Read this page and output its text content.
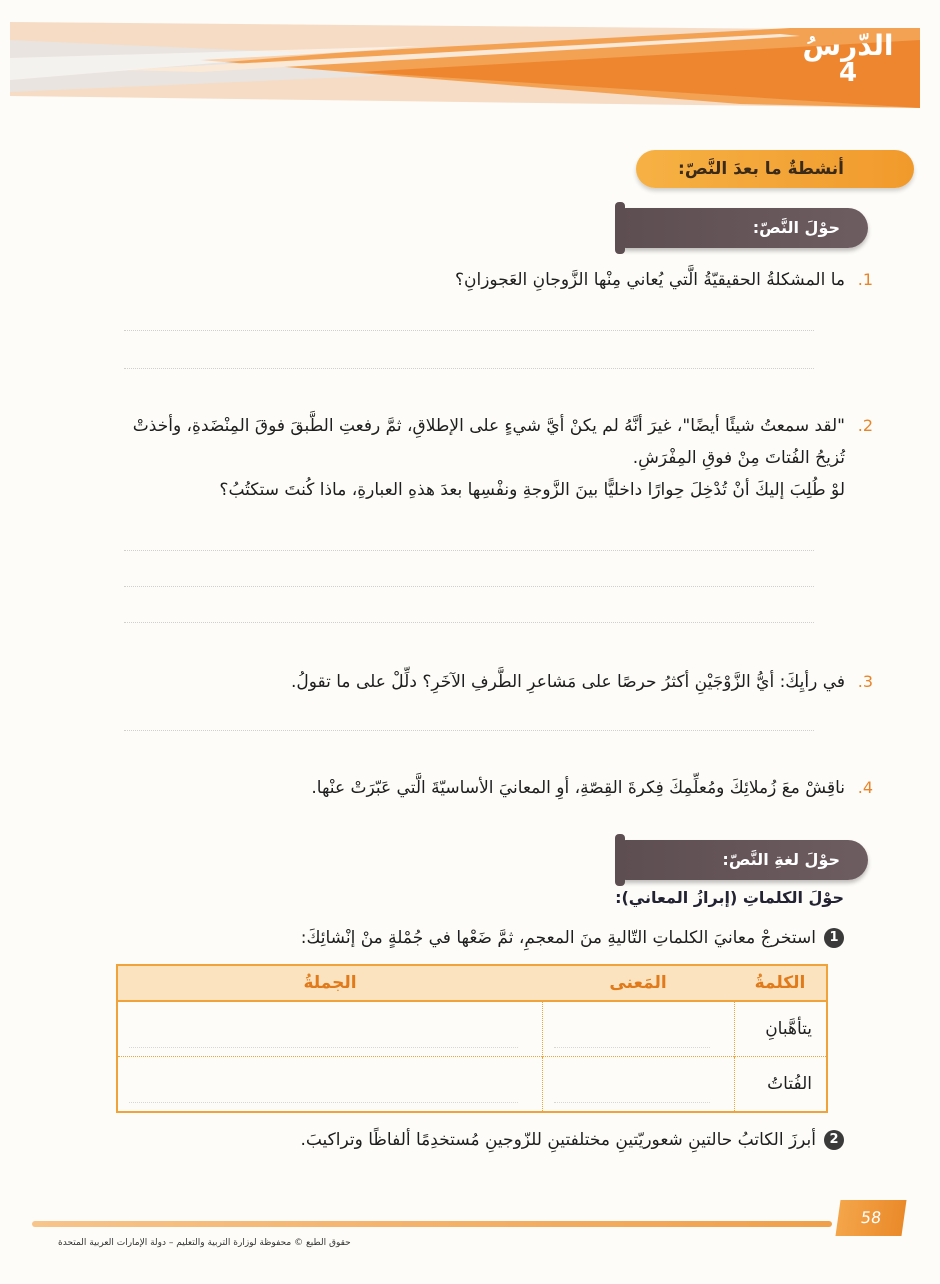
الدّرسُ
4
أنشطةٌ ما بعدَ النَّصّ:
حوْلَ النَّصّ:
1.
ما المشكلةُ الحقيقيّةُ الَّتي يُعاني مِنْها الزَّوجانِ العَجوزانِ؟
2.
"لقد سمعتُ شيئًا أيضًا"، غيرَ أنَّهُ لم يكنْ أيَّ شيءٍ على الإطلاقِ، ثمَّ رفعتِ الطَّبقَ فوقَ المِنْضَدةِ، وأخذتْ
تُزيحُ الفُتاتَ مِنْ فوقِ المِفْرَشِ.
لوْ طُلِبَ إليكَ أنْ تُدْخِلَ حِوارًا داخليًّا بينَ الزَّوجةِ ونفْسِها بعدَ هذهِ العبارةِ، ماذا كُنتَ ستكتُبُ؟
3.
في رأيِكَ: أيُّ الزَّوْجَيْنِ أكثرُ حرصًا على مَشاعرِ الطَّرفِ الآخَرِ؟ دلِّلْ على ما تقولُ.
4.
ناقِشْ معَ زُملائِكَ ومُعلِّمِكَ فِكرةَ القِصّةِ، أوِ المعانيَ الأساسيّةَ الَّتي عَبّرَتْ عنْها.
حوْلَ لغةِ النَّصّ:
حوْلَ الكلماتِ (إبرازُ المعاني):
1استخرجْ معانيَ الكلماتِ التّاليةِ منَ المعجمِ، ثمَّ ضَعْها في جُمْلةٍ منْ إنْشائِكَ:
الكلمةُ	المَعنى	الجملةُ
يتأهَّبانِ	

الفُتاتُ	

2أبرزَ الكاتبُ حالتينِ شعوريّتينِ مختلفتينِ للزّوجينِ مُستخدِمًا ألفاظًا وتراكيبَ.
58
حقوق الطبع © محفوظة لوزارة التربية والتعليم – دولة الإمارات العربية المتحدة
